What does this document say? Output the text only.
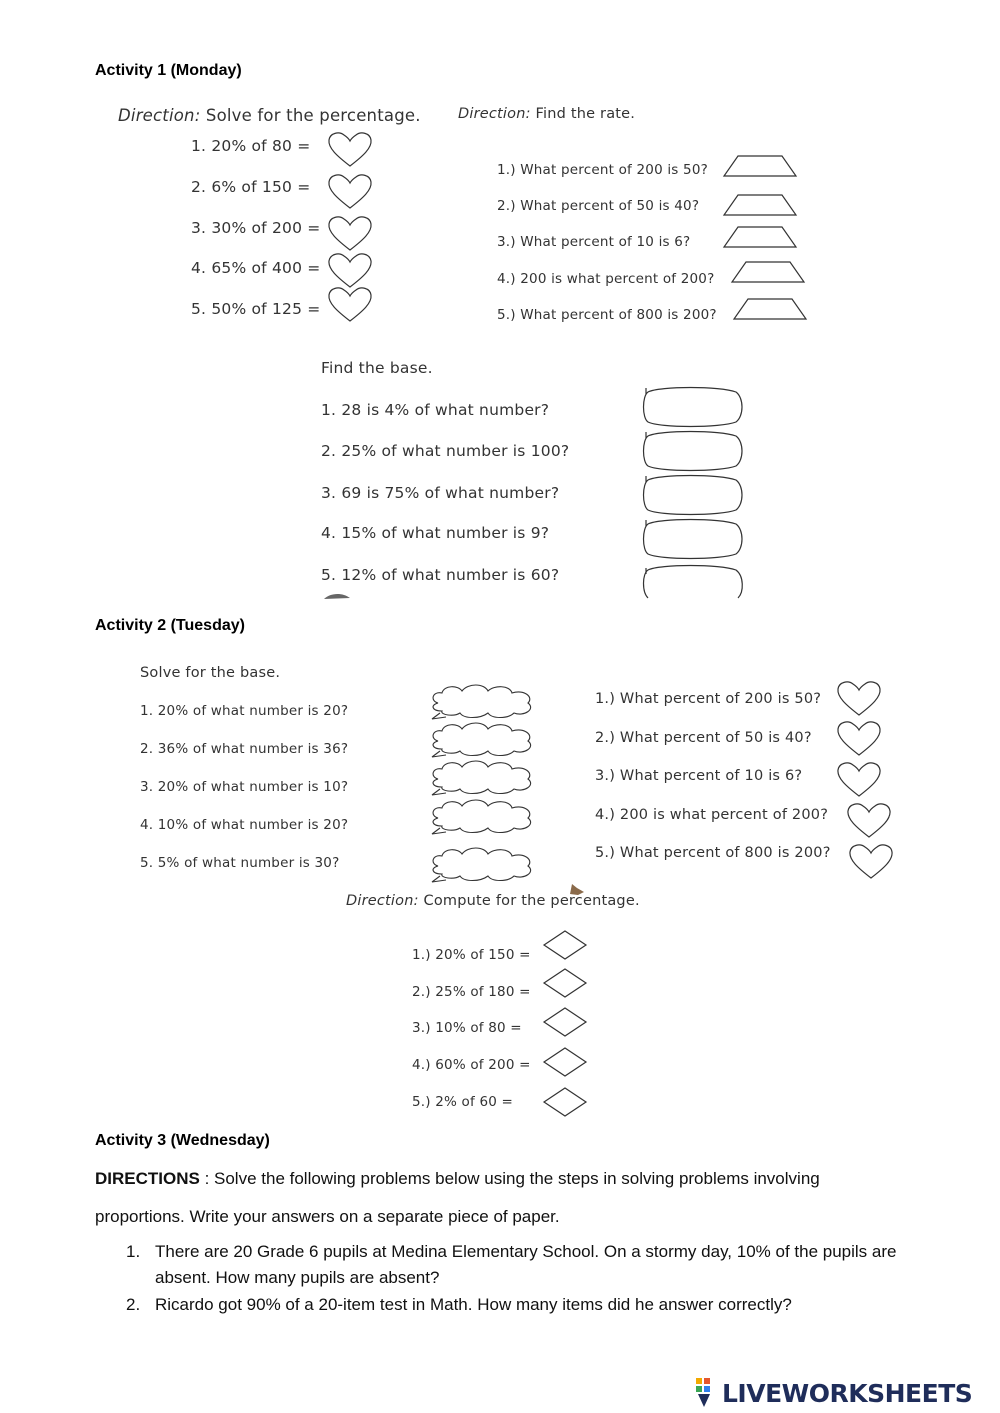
Activity 1 (Monday)
Direction: Solve for the percentage.
1. 20% of 80 =
2. 6% of 150 =
3. 30% of 200 =
4. 65% of 400 =
5. 50% of 125 =
Direction: Find the rate.
1.) What percent of 200 is 50?
2.) What percent of 50 is 40?
3.) What percent of 10 is 6?
4.) 200 is what percent of 200?
5.) What percent of 800 is 200?
Find the base.
1. 28 is 4% of what number?
2. 25% of what number is 100?
3. 69 is 75% of what number?
4. 15% of what number is 9?
5. 12% of what number is 60?
Activity 2 (Tuesday)
Solve for the base.
1. 20% of what number is 20?
2. 36% of what number is 36?
3. 20% of what number is 10?
4. 10% of what number is 20?
5. 5% of what number is 30?
1.) What percent of 200 is 50?
2.) What percent of 50 is 40?
3.) What percent of 10 is 6?
4.) 200 is what percent of 200?
5.) What percent of 800 is 200?
Direction: Compute for the percentage.
1.) 20% of 150 =
2.) 25% of 180 =
3.) 10% of 80 =
4.) 60% of 200 =
5.) 2% of 60 =
Activity 3 (Wednesday)
DIRECTIONS : Solve the following problems below using the steps in solving problems involving
proportions. Write your answers on a separate piece of paper.
1. There are 20 Grade 6 pupils at Medina Elementary School. On a stormy day, 10% of the pupils are
absent. How many pupils are absent?
2. Ricardo got 90% of a 20-item test in Math. How many items did he answer correctly?
LIVEWORKSHEETS
